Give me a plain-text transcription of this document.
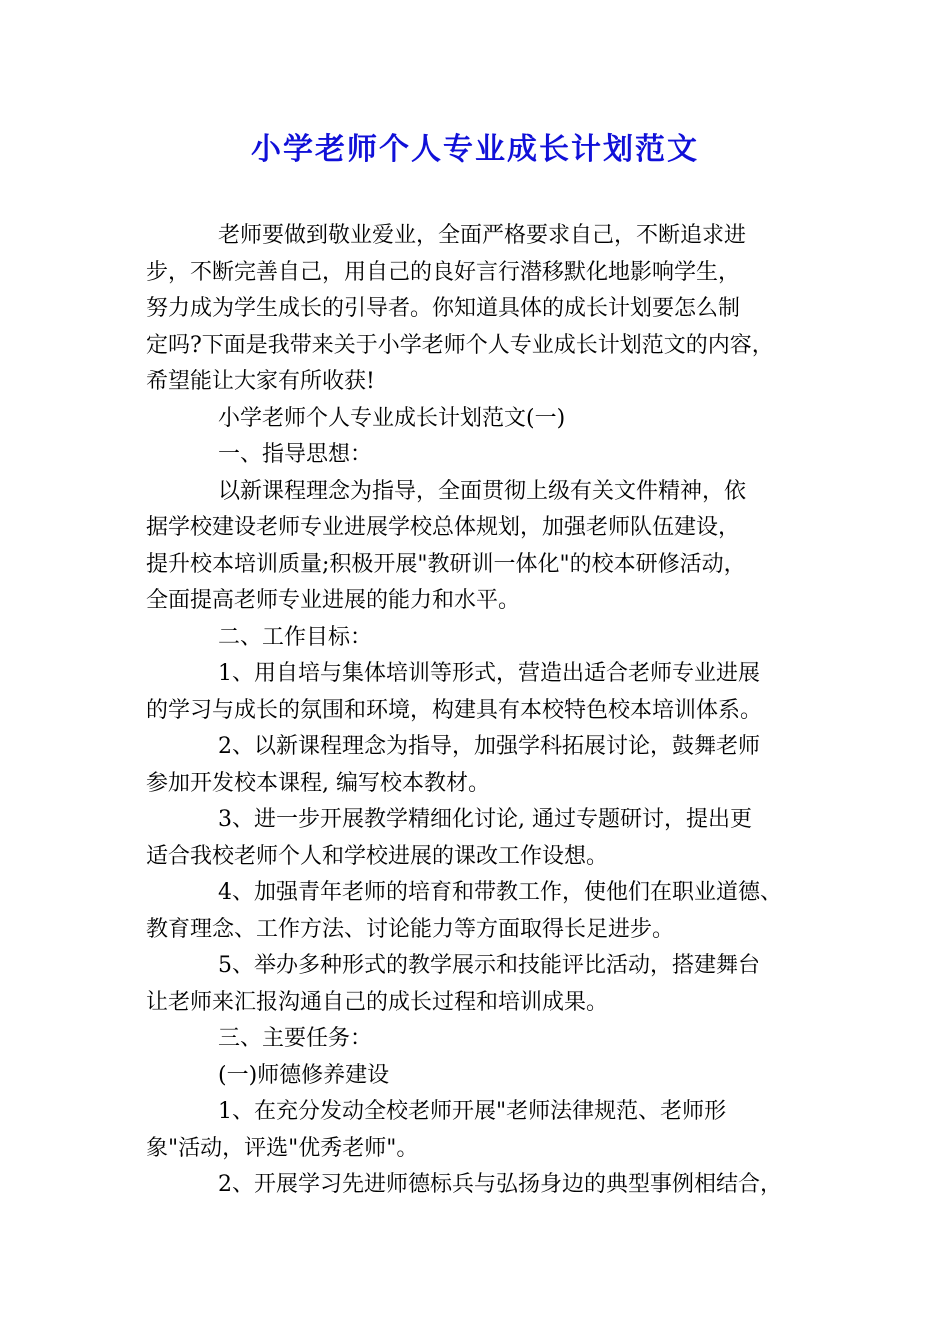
小学老师个人专业成长计划范文
老师要做到敬业爱业，全面严格要求自己，不断追求进
步，不断完善自己，用自己的良好言行潜移默化地影响学生，
努力成为学生成长的引导者。你知道具体的成长计划要怎么制
定吗?下面是我带来关于小学老师个人专业成长计划范文的内容，
希望能让大家有所收获!
小学老师个人专业成长计划范文(一)
一、指导思想：
以新课程理念为指导，全面贯彻上级有关文件精神，依
据学校建设老师专业进展学校总体规划，加强老师队伍建设，
提升校本培训质量;积极开展"教研训一体化"的校本研修活动，
全面提高老师专业进展的能力和水平。
二、工作目标：
1、用自培与集体培训等形式，营造出适合老师专业进展
的学习与成长的氛围和环境，构建具有本校特色校本培训体系。
2、以新课程理念为指导，加强学科拓展讨论，鼓舞老师
参加开发校本课程, 编写校本教材。
3、进一步开展教学精细化讨论, 通过专题研讨，提出更
适合我校老师个人和学校进展的课改工作设想。
4、加强青年老师的培育和带教工作，使他们在职业道德、
教育理念、工作方法、讨论能力等方面取得长足进步。
5、举办多种形式的教学展示和技能评比活动，搭建舞台
让老师来汇报沟通自己的成长过程和培训成果。
三、主要任务：
(一)师德修养建设
1、在充分发动全校老师开展"老师法律规范、老师形
象"活动，评选"优秀老师"。
2、开展学习先进师德标兵与弘扬身边的典型事例相结合，
